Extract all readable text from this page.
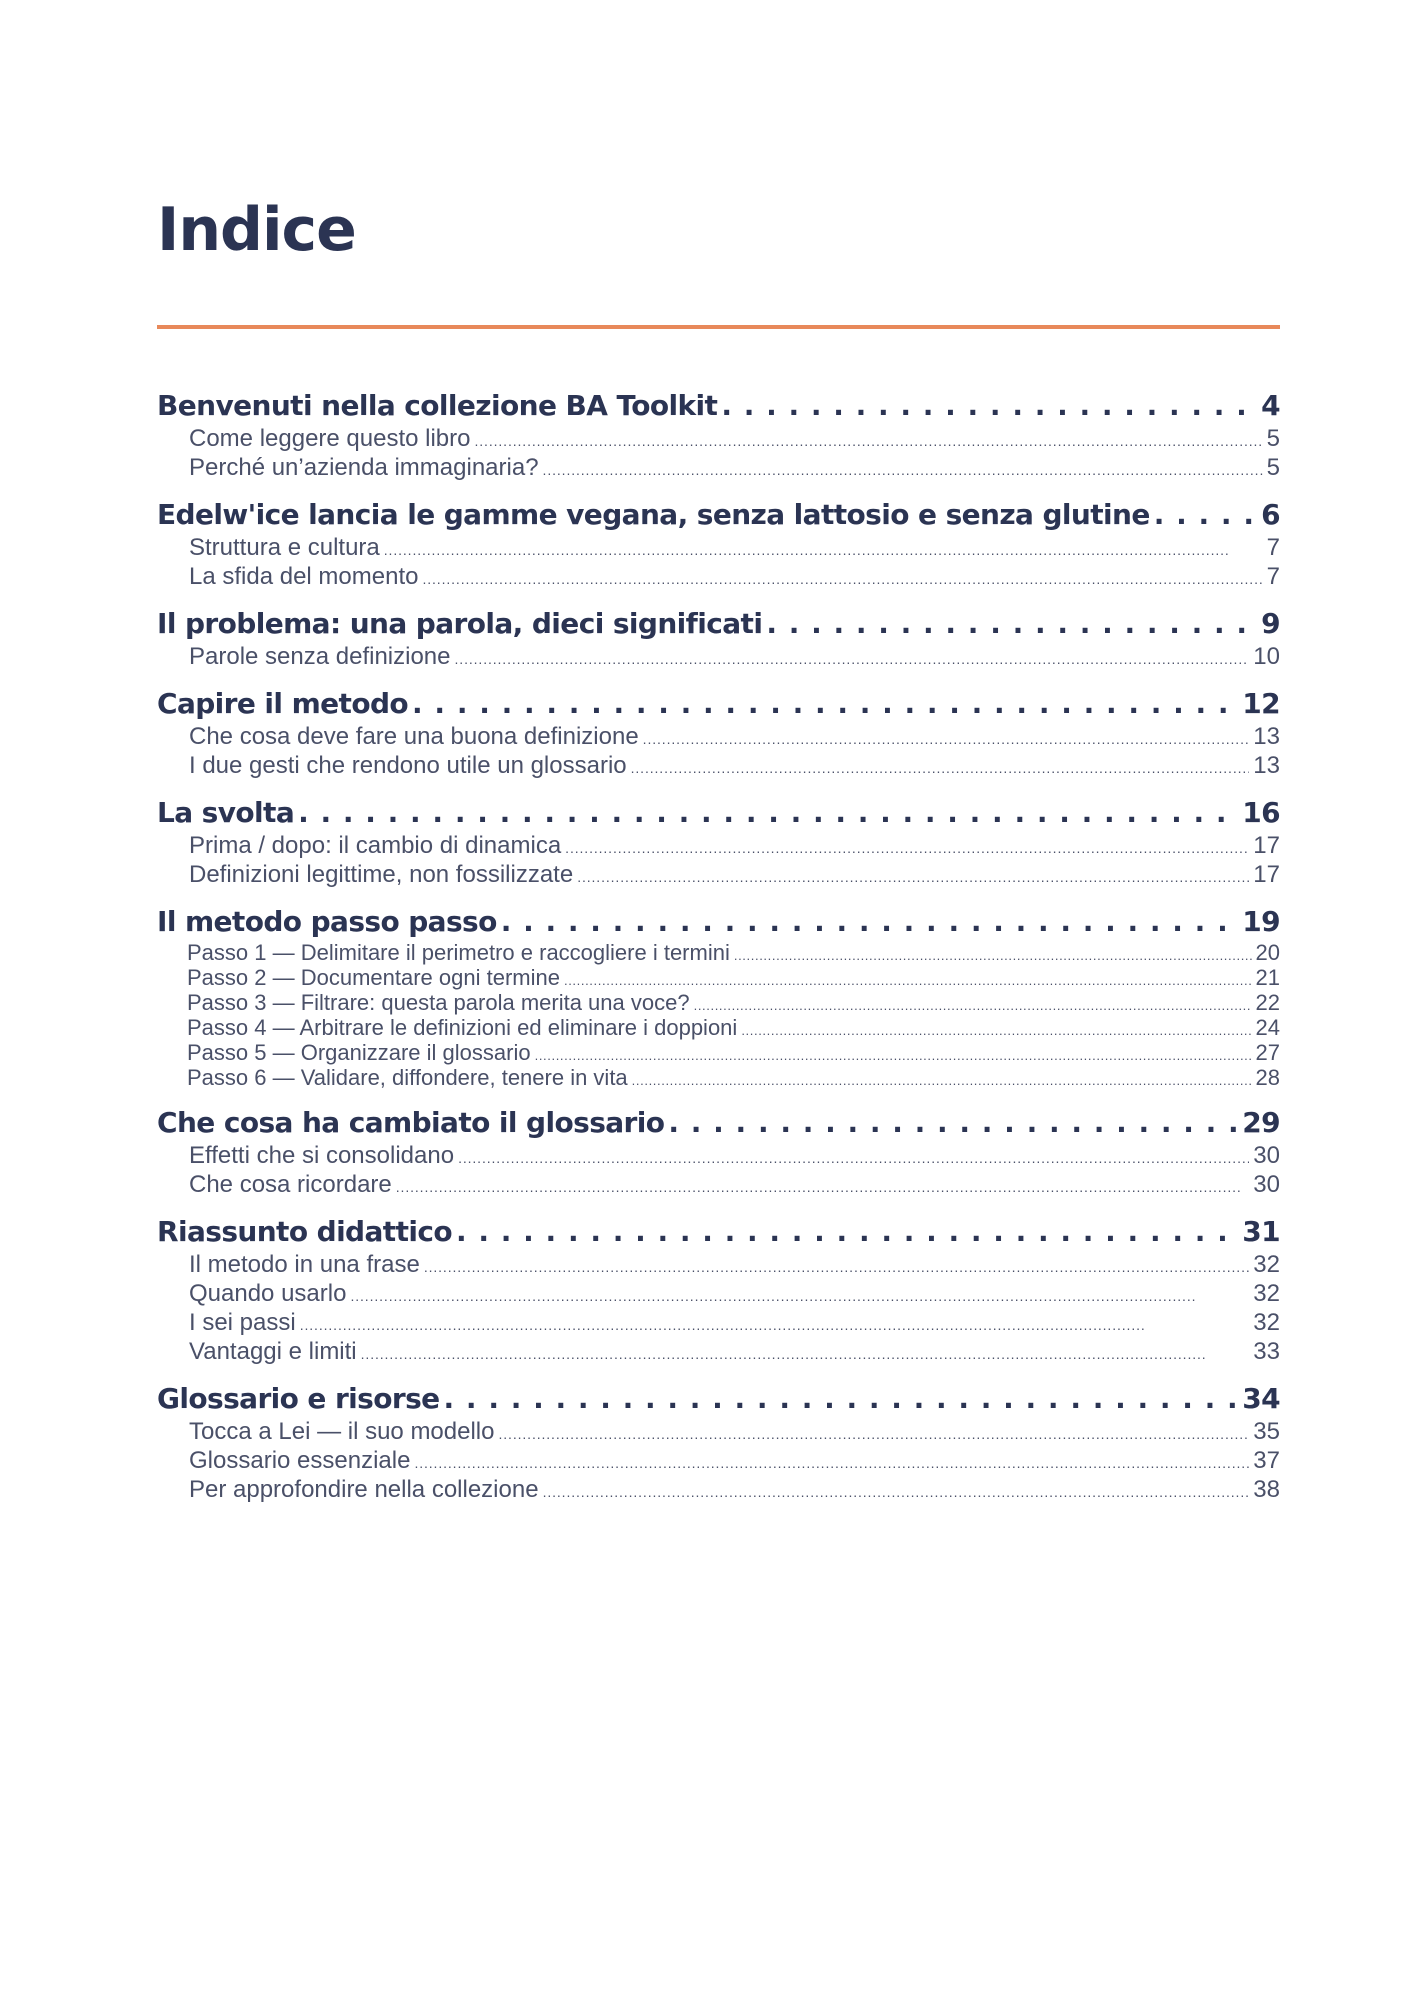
Indice
Benvenuti nella collezione BA Toolkit . . .	4
Come leggere questo libro . . .	5
Perché un’azienda immaginaria? . . .	5
Edelw'ice lancia le gamme vegana, senza lattosio e senza glutine . . .	6
Struttura e cultura . . .	7
La sfida del momento . . .	7
Il problema: una parola, dieci significati . . .	9
Parole senza definizione . . .	10
Capire il metodo . . .	12
Che cosa deve fare una buona definizione . . .	13
I due gesti che rendono utile un glossario . . .	13
La svolta . . .	16
Prima / dopo: il cambio di dinamica . . .	17
Definizioni legittime, non fossilizzate . . .	17
Il metodo passo passo . . .	19
Passo 1 — Delimitare il perimetro e raccogliere i termini . . .	20
Passo 2 — Documentare ogni termine . . .	21
Passo 3 — Filtrare: questa parola merita una voce? . . .	22
Passo 4 — Arbitrare le definizioni ed eliminare i doppioni . . .	24
Passo 5 — Organizzare il glossario . . .	27
Passo 6 — Validare, diffondere, tenere in vita . . .	28
Che cosa ha cambiato il glossario . . .	29
Effetti che si consolidano . . .	30
Che cosa ricordare . . .	30
Riassunto didattico . . .	31
Il metodo in una frase . . .	32
Quando usarlo . . .	32
I sei passi . . .	32
Vantaggi e limiti . . .	33
Glossario e risorse . . .	34
Tocca a Lei — il suo modello . . .	35
Glossario essenziale . . .	37
Per approfondire nella collezione . . .	38
